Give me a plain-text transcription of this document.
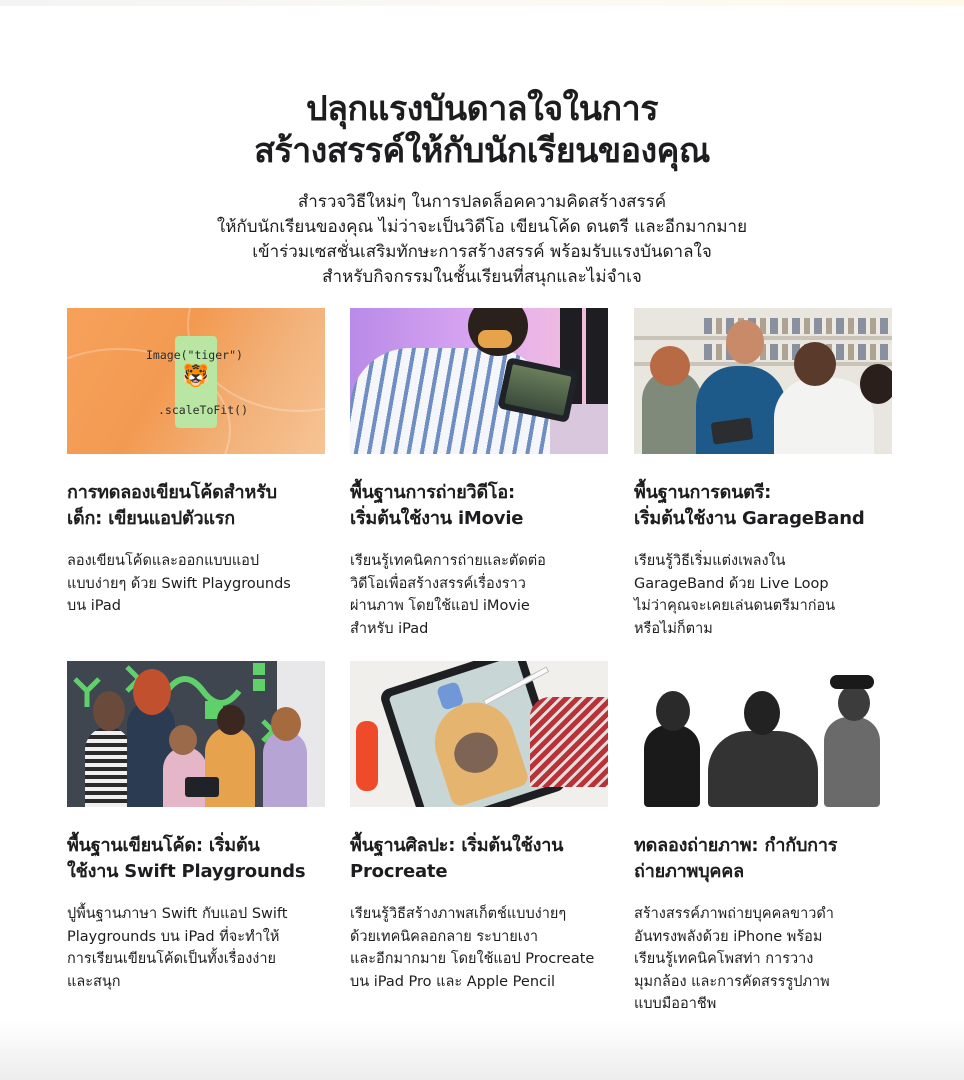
ปลุกแรงบันดาลใจในการ
สร้างสรรค์ให้กับนักเรียนของคุณ

สำรวจวิธีใหม่ๆ ในการปลดล็อคความคิดสร้างสรรค์
ให้กับนักเรียนของคุณ ไม่ว่าจะเป็นวิดีโอ เขียนโค้ด ดนตรี และอีกมากมาย
เข้าร่วมเซสชั่นเสริมทักษะการสร้างสรรค์ พร้อมรับแรงบันดาลใจ
สำหรับกิจกรรมในชั้นเรียนที่สนุกและไม่จำเจ

Image("tiger")
🐯
.scaleToFit()
การทดลองเขียนโค้ดสำหรับ
เด็ก: เขียนแอปตัวแรก

ลองเขียนโค้ดและออกแบบแอป
แบบง่ายๆ ด้วย Swift Playgrounds
บน iPad

พื้นฐานการถ่ายวิดีโอ:
เริ่มต้นใช้งาน iMovie

เรียนรู้เทคนิคการถ่ายและตัดต่อ
วิดีโอเพื่อสร้างสรรค์เรื่องราว
ผ่านภาพ โดยใช้แอป iMovie
สำหรับ iPad

พื้นฐานการดนตรี:
เริ่มต้นใช้งาน GarageBand

เรียนรู้วิธีเริ่มแต่งเพลงใน
GarageBand ด้วย Live Loop
ไม่ว่าคุณจะเคยเล่นดนตรีมาก่อน
หรือไม่ก็ตาม

พื้นฐานเขียนโค้ด: เริ่มต้น
ใช้งาน Swift Playgrounds

ปูพื้นฐานภาษา Swift กับแอป Swift
Playgrounds บน iPad ที่จะทำให้
การเรียนเขียนโค้ดเป็นทั้งเรื่องง่าย
และสนุก

พื้นฐานศิลปะ: เริ่มต้นใช้งาน
Procreate

เรียนรู้วิธีสร้างภาพสเก็ตช์แบบง่ายๆ
ด้วยเทคนิคลอกลาย ระบายเงา
และอีกมากมาย โดยใช้แอป Procreate
บน iPad Pro และ Apple Pencil

ทดลองถ่ายภาพ: กำกับการ
ถ่ายภาพบุคคล

สร้างสรรค์ภาพถ่ายบุคคลขาวดำ
อันทรงพลังด้วย iPhone พร้อม
เรียนรู้เทคนิคโพสท่า การวาง
มุมกล้อง และการคัดสรรรูปภาพ
แบบมืออาชีพ
